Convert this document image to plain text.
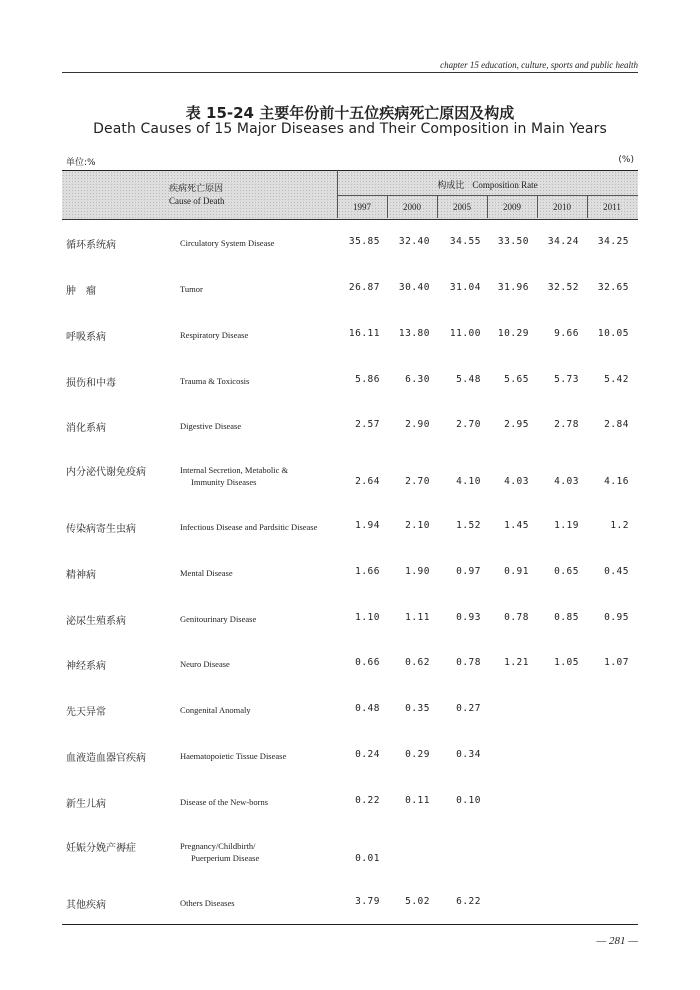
chapter 15 education, culture, sports and public health
表 15-24 主要年份前十五位疾病死亡原因及构成
Death Causes of 15 Major Diseases and Their Composition in Main Years
单位:%	(%)
疾病死亡原因
Cause of Death
构成比 Composition Rate
1997	2000	2005	2009	2010	2011
循环系统病	Circulatory System Disease	35.85	32.40	34.55	33.50	34.24	34.25
肿　瘤	Tumor	26.87	30.40	31.04	31.96	32.52	32.65
呼吸系病	Respiratory Disease	16.11	13.80	11.00	10.29	9.66	10.05
损伤和中毒	Trauma & Toxicosis	5.86	6.30	5.48	5.65	5.73	5.42
消化系病	Digestive Disease	2.57	2.90	2.70	2.95	2.78	2.84
内分泌代谢免疫病	Internal Secretion, Metabolic &
Immunity Diseases	2.64	2.70	4.10	4.03	4.03	4.16
传染病寄生虫病	Infectious Disease and Pardsitic Disease	1.94	2.10	1.52	1.45	1.19	1.2
精神病	Mental Disease	1.66	1.90	0.97	0.91	0.65	0.45
泌尿生殖系病	Genitourinary Disease	1.10	1.11	0.93	0.78	0.85	0.95
神经系病	Neuro Disease	0.66	0.62	0.78	1.21	1.05	1.07
先天异常	Congenital Anomaly	0.48	0.35	0.27
血液造血器官疾病	Haematopoietic Tissue Disease	0.24	0.29	0.34
新生儿病	Disease of the New-borns	0.22	0.11	0.10
妊娠分娩产褥症	Pregnancy/Childbirth/
Puerperium Disease	0.01
其他疾病	Others Diseases	3.79	5.02	6.22
— 281 —
